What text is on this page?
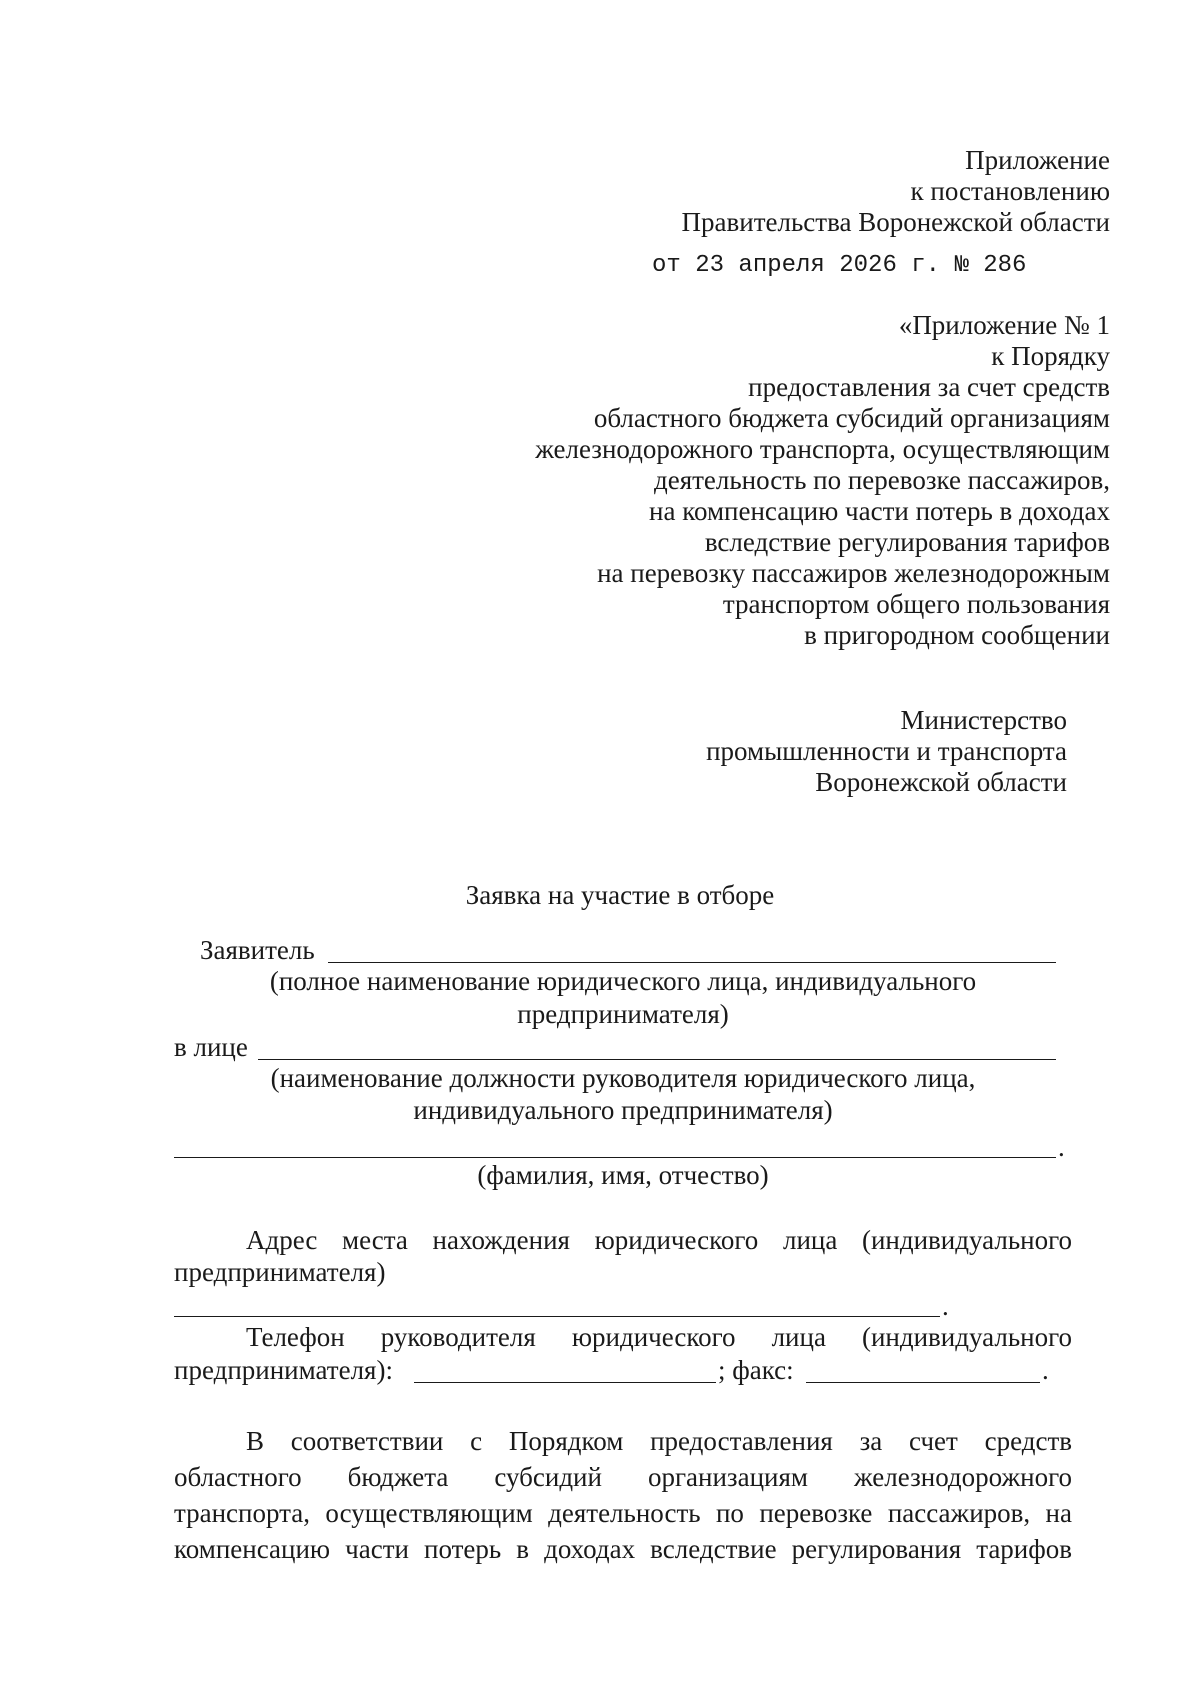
Приложение
к постановлению
Правительства Воронежской области
от 23 апреля 2026 г. № 286
«Приложение № 1
к Порядку
предоставления за счет средств
областного бюджета субсидий организациям
железнодорожного транспорта, осуществляющим
деятельность по перевозке пассажиров,
на компенсацию части потерь в доходах
вследствие регулирования тарифов
на перевозку пассажиров железнодорожным
транспортом общего пользования
в пригородном сообщении
Министерство
промышленности и транспорта
Воронежской области
Заявка на участие в отборе
Заявитель
(полное наименование юридического лица, индивидуального
предпринимателя)
в лице
(наименование должности руководителя юридического лица,
индивидуального предпринимателя)
.
(фамилия, имя, отчество)
Адрес места нахождения юридического лица (индивидуального
предпринимателя)
.
Телефон руководителя юридического лица (индивидуального
предпринимателя):	; факс:	.
В соответствии с Порядком предоставления за счет средств
областного бюджета субсидий организациям железнодорожного
транспорта, осуществляющим деятельность по перевозке пассажиров, на
компенсацию части потерь в доходах вследствие регулирования тарифов
